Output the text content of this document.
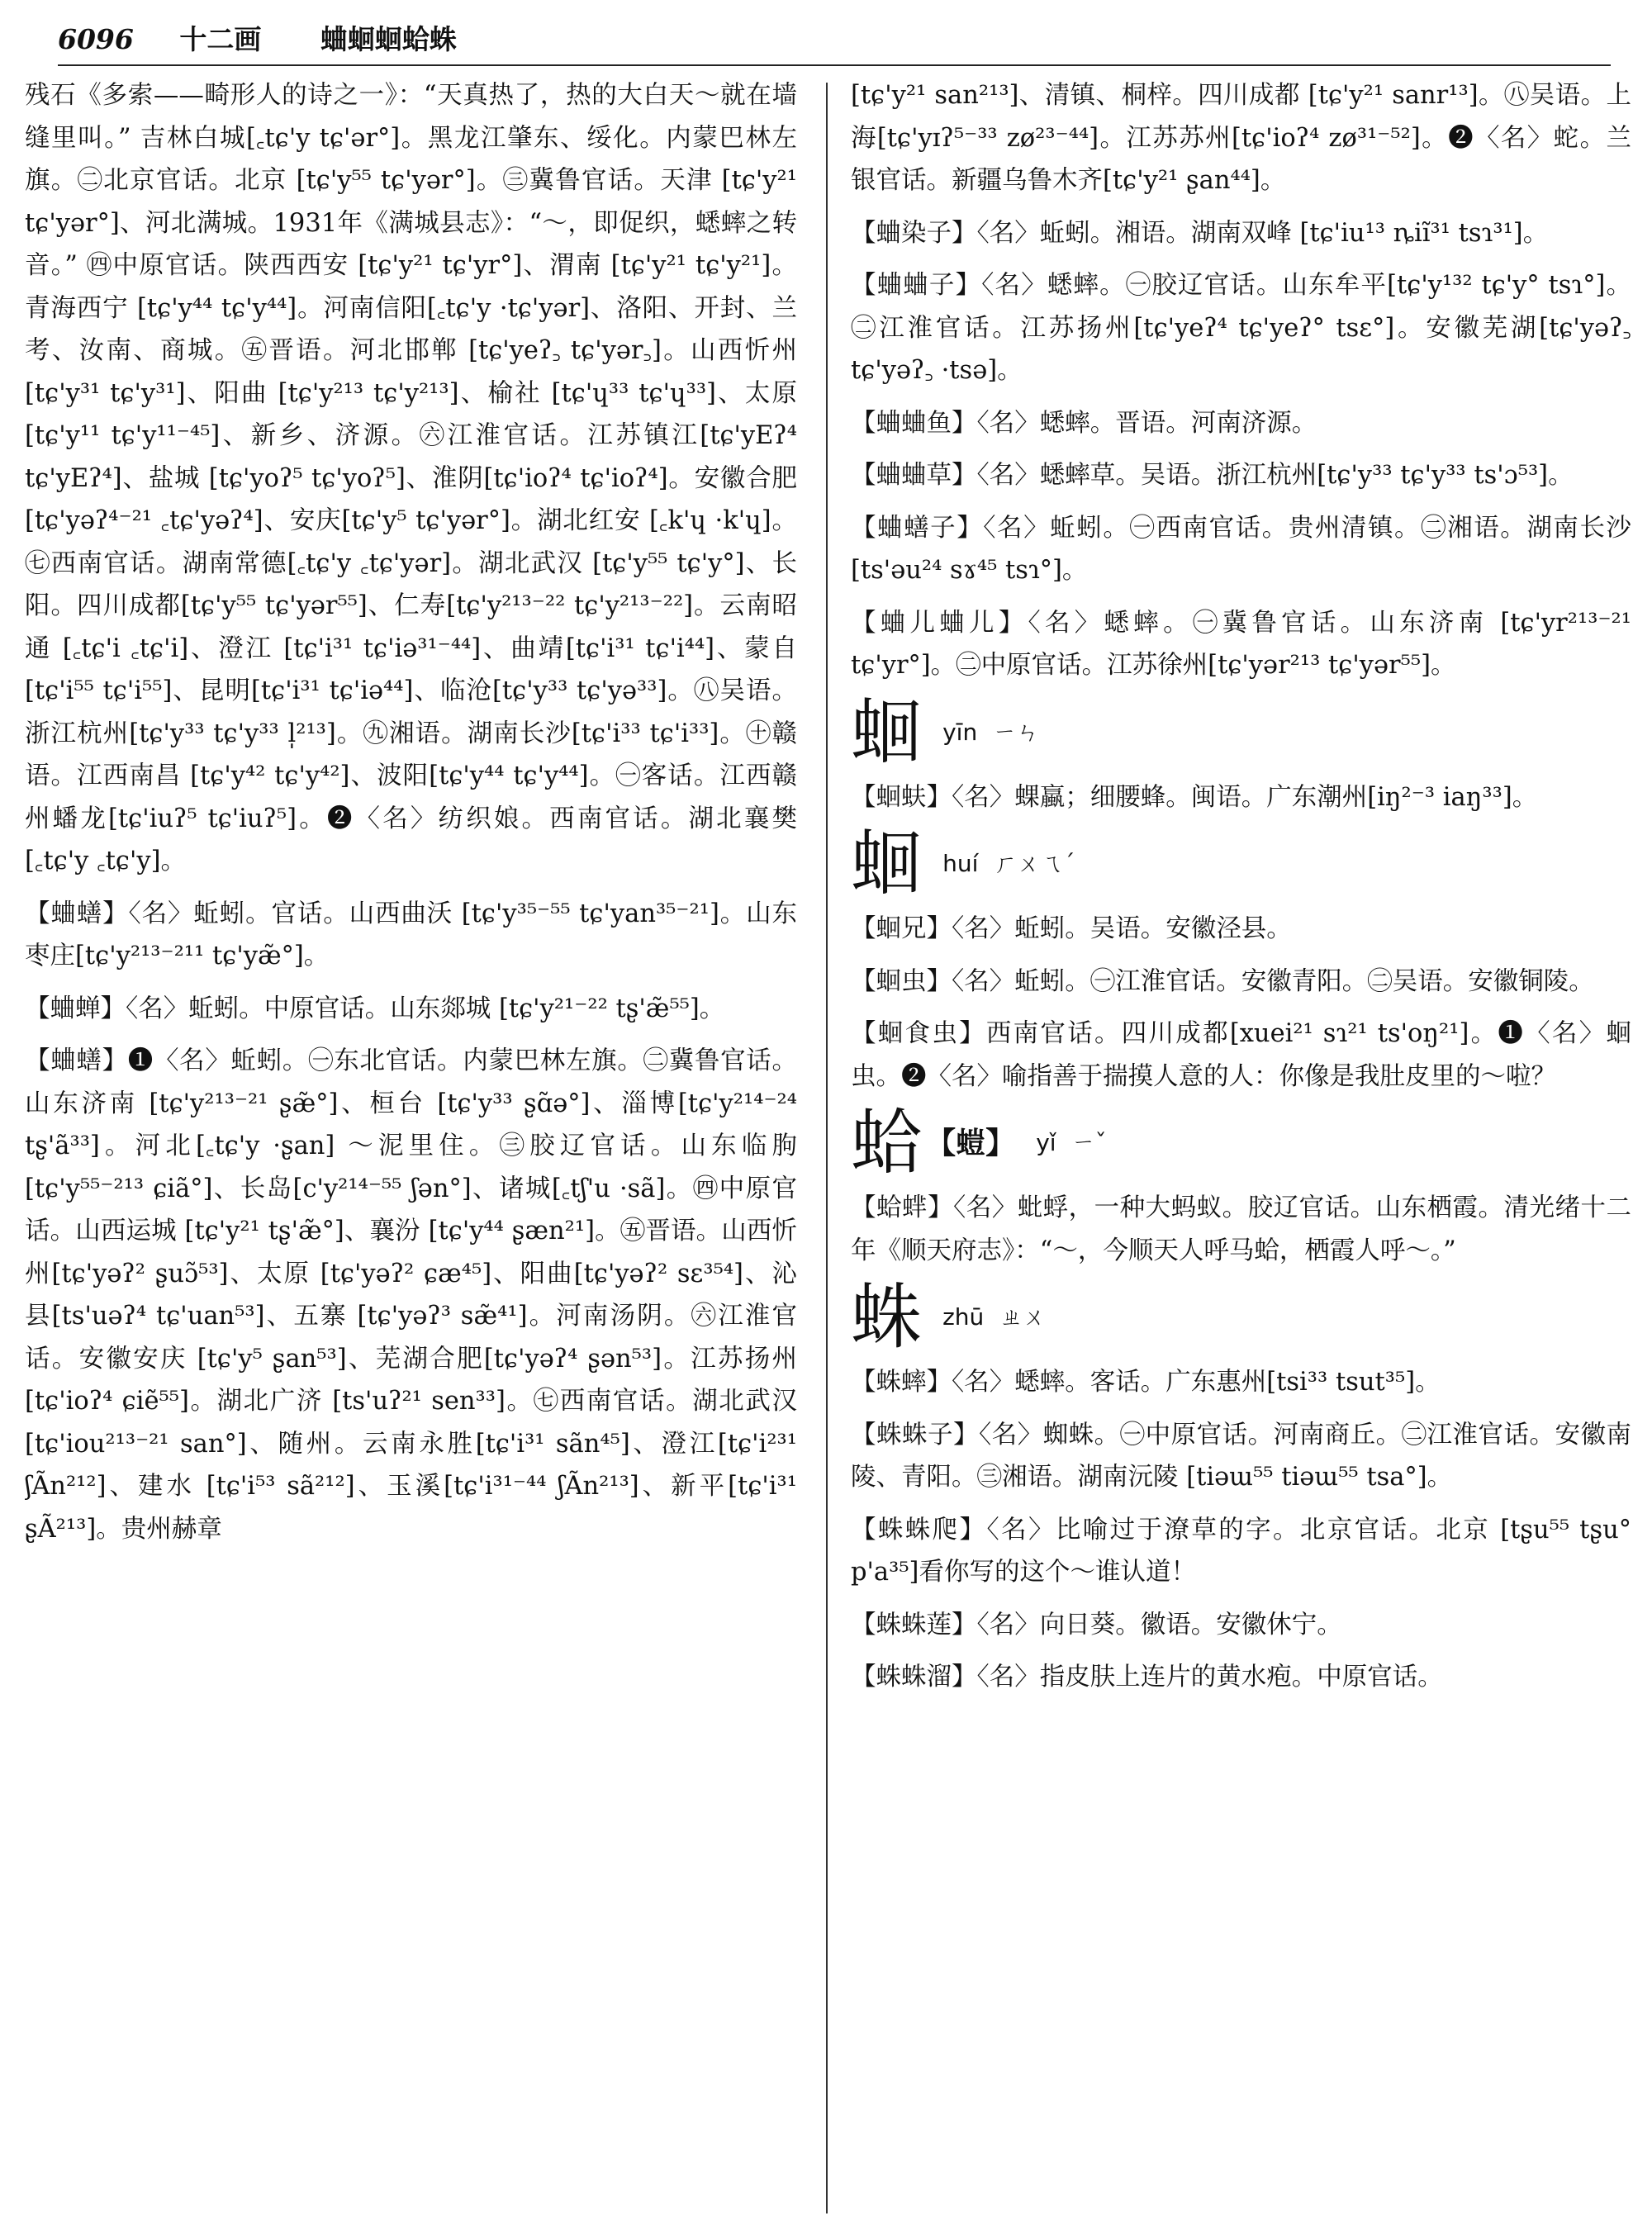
6096 十二画 蛐蛔蛔蛤蛛

残石《多索——畸形人的诗之一》：“天真热了，热的大白天～就在墙缝里叫。” 吉林白城[꜀tɕ'y tɕ'ər°]。黑龙江肇东、绥化。内蒙巴林左旗。㊁北京官话。北京 [tɕ'y⁵⁵ tɕ'yər°]。㊂冀鲁官话。天津 [tɕ'y²¹ tɕ'yər°]、河北满城。1931年《满城县志》：“～，即促织，蟋蟀之转音。” ㊃中原官话。陕西西安 [tɕ'y²¹ tɕ'yr°]、渭南 [tɕ'y²¹ tɕ'y²¹]。青海西宁 [tɕ'y⁴⁴ tɕ'y⁴⁴]。河南信阳[꜀tɕ'y ·tɕ'yər]、洛阳、开封、兰考、汝南、商城。㊄晋语。河北邯郸 [tɕ'yeʔ꜆ tɕ'yər꜆]。山西忻州[tɕ'y³¹ tɕ'y³¹]、阳曲 [tɕ'y²¹³ tɕ'y²¹³]、榆社 [tɕ'ɥ³³ tɕ'ɥ³³]、太原 [tɕ'y¹¹ tɕ'y¹¹⁻⁴⁵]、新乡、济源。㊅江淮官话。江苏镇江[tɕ'yEʔ⁴ tɕ'yEʔ⁴]、盐城 [tɕ'yoʔ⁵ tɕ'yoʔ⁵]、淮阴[tɕ'ioʔ⁴ tɕ'ioʔ⁴]。安徽合肥[tɕ'yəʔ⁴⁻²¹ ꜀tɕ'yəʔ⁴]、安庆[tɕ'y⁵ tɕ'yər°]。湖北红安 [꜀k'ɥ ·k'ɥ]。㊆西南官话。湖南常德[꜀tɕ'y ꜀tɕ'yər]。湖北武汉 [tɕ'y⁵⁵ tɕ'y°]、长阳。四川成都[tɕ'y⁵⁵ tɕ'yər⁵⁵]、仁寿[tɕ'y²¹³⁻²² tɕ'y²¹³⁻²²]。云南昭通 [꜀tɕ'i ꜀tɕ'i]、澄江 [tɕ'i³¹ tɕ'iə³¹⁻⁴⁴]、曲靖[tɕ'i³¹ tɕ'i⁴⁴]、蒙自[tɕ'i⁵⁵ tɕ'i⁵⁵]、昆明[tɕ'i³¹ tɕ'iə⁴⁴]、临沧[tɕ'y³³ tɕ'yə³³]。㊇吴语。浙江杭州[tɕ'y³³ tɕ'y³³ l̩²¹³]。㊈湘语。湖南长沙[tɕ'i³³ tɕ'i³³]。㊉赣语。江西南昌 [tɕ'y⁴² tɕ'y⁴²]、波阳[tɕ'y⁴⁴ tɕ'y⁴⁴]。㊀客话。江西赣州蟠龙[tɕ'iuʔ⁵ tɕ'iuʔ⁵]。❷〈名〉纺织娘。西南官话。湖北襄樊[꜀tɕ'y ꜀tɕ'y]。

【蛐蟮】〈名〉蚯蚓。官话。山西曲沃 [tɕ'y³⁵⁻⁵⁵ tɕ'yan³⁵⁻²¹]。山东枣庄[tɕ'y²¹³⁻²¹¹ tɕ'yæ̃°]。

【蛐蝉】〈名〉蚯蚓。中原官话。山东郯城 [tɕ'y²¹⁻²² tʂ'æ̃⁵⁵]。

【蛐蟮】❶〈名〉蚯蚓。㊀东北官话。内蒙巴林左旗。㊁冀鲁官话。山东济南 [tɕ'y²¹³⁻²¹ ʂæ̃°]、桓台 [tɕ'y³³ ʂɑ̃ə°]、淄博[tɕ'y²¹⁴⁻²⁴ tʂ'ã³³]。河北[꜀tɕ'y ·ʂan] ～泥里住。㊂胶辽官话。山东临朐[tɕ'y⁵⁵⁻²¹³ ɕiã°]、长岛[c'y²¹⁴⁻⁵⁵ ʃən°]、诸城[꜀tʃ'u ·sã]。㊃中原官话。山西运城 [tɕ'y²¹ tʂ'æ̃°]、襄汾 [tɕ'y⁴⁴ ʂæn²¹]。㊄晋语。山西忻州[tɕ'yəʔ² ʂuɔ̃⁵³]、太原 [tɕ'yəʔ² ɕæ⁴⁵]、阳曲[tɕ'yəʔ² sɛ³⁵⁴]、沁县[ts'uəʔ⁴ tɕ'uan⁵³]、五寨 [tɕ'yəʔ³ sæ̃⁴¹]。河南汤阴。㊅江淮官话。安徽安庆 [tɕ'y⁵ ʂan⁵³]、芜湖合肥[tɕ'yəʔ⁴ ʂən⁵³]。江苏扬州 [tɕ'ioʔ⁴ ɕiẽ⁵⁵]。湖北广济 [ts'uʔ²¹ sen³³]。㊆西南官话。湖北武汉[tɕ'iou²¹³⁻²¹ san°]、随州。云南永胜[tɕ'i³¹ sãn⁴⁵]、澄江[tɕ'i²³¹ ʃÃn²¹²]、建水 [tɕ'i⁵³ sã²¹²]、玉溪[tɕ'i³¹⁻⁴⁴ ʃÃn²¹³]、新平[tɕ'i³¹ ʂÃ²¹³]。贵州赫章

[tɕ'y²¹ san²¹³]、清镇、桐梓。四川成都 [tɕ'y²¹ sanr¹³]。㊇吴语。上海[tɕ'yɪʔ⁵⁻³³ zø²³⁻⁴⁴]。江苏苏州[tɕ'ioʔ⁴ zø³¹⁻⁵²]。❷〈名〉蛇。兰银官话。新疆乌鲁木齐[tɕ'y²¹ ʂan⁴⁴]。

【蛐染子】〈名〉蚯蚓。湘语。湖南双峰 [tɕ'iu¹³ ȵiĩ³¹ tsɿ³¹]。

【蛐蛐子】〈名〉蟋蟀。㊀胶辽官话。山东牟平[tɕ'y¹³² tɕ'y° tsɿ°]。㊁江淮官话。江苏扬州[tɕ'yeʔ⁴ tɕ'yeʔ° tsɛ°]。安徽芜湖[tɕ'yəʔ꜆ tɕ'yəʔ꜆ ·tsə]。

【蛐蛐鱼】〈名〉蟋蟀。晋语。河南济源。

【蛐蛐草】〈名〉蟋蟀草。吴语。浙江杭州[tɕ'y³³ tɕ'y³³ ts'ɔ⁵³]。

【蛐蟮子】〈名〉蚯蚓。㊀西南官话。贵州清镇。㊁湘语。湖南长沙[ts'əu²⁴ sɤ⁴⁵ tsɿ°]。

【蛐儿蛐儿】〈名〉蟋蟀。㊀冀鲁官话。山东济南 [tɕ'yr²¹³⁻²¹ tɕ'yr°]。㊁中原官话。江苏徐州[tɕ'yər²¹³ tɕ'yər⁵⁵]。

蛔 yīn ㄧㄣ

【蛔蚨】〈名〉蜾蠃；细腰蜂。闽语。广东潮州[iŋ²⁻³ iaŋ³³]。

蛔 huí ㄏㄨㄟˊ

【蛔兄】〈名〉蚯蚓。吴语。安徽泾县。

【蛔虫】〈名〉蚯蚓。㊀江淮官话。安徽青阳。㊁吴语。安徽铜陵。

【蛔食虫】西南官话。四川成都[xuei²¹ sɿ²¹ ts'oŋ²¹]。❶〈名〉蛔虫。❷〈名〉喻指善于揣摸人意的人：你像是我肚皮里的～啦？

蛤 【螘】 yǐ ㄧˇ

【蛤蝆】〈名〉蚍蜉，一种大蚂蚁。胶辽官话。山东栖霞。清光绪十二年《顺天府志》：“～，今顺天人呼马蛤，栖霞人呼～。”

蛛 zhū ㄓㄨ

【蛛蟀】〈名〉蟋蟀。客话。广东惠州[tsi³³ tsut³⁵]。

【蛛蛛子】〈名〉蜘蛛。㊀中原官话。河南商丘。㊁江淮官话。安徽南陵、青阳。㊂湘语。湖南沅陵 [tiəɯ⁵⁵ tiəɯ⁵⁵ tsa°]。

【蛛蛛爬】〈名〉比喻过于潦草的字。北京官话。北京 [tʂu⁵⁵ tʂu° p'a³⁵]看你写的这个～谁认道！

【蛛蛛莲】〈名〉向日葵。徽语。安徽休宁。

【蛛蛛溜】〈名〉指皮肤上连片的黄水疱。中原官话。
